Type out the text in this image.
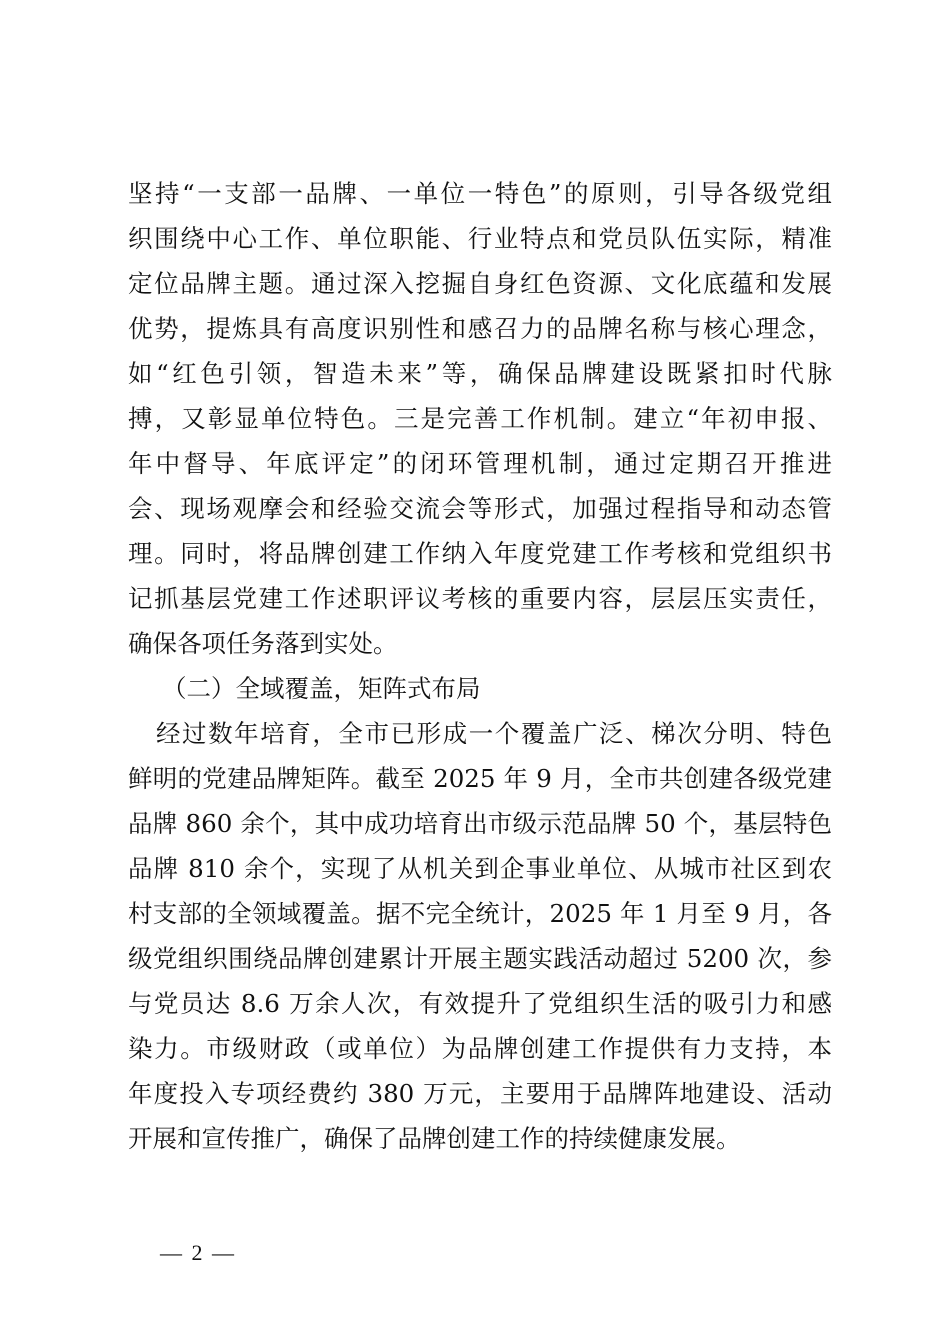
坚持“一支部一品牌、一单位一特色”的原则，引导各级党组
织围绕中心工作、单位职能、行业特点和党员队伍实际，精准
定位品牌主题。通过深入挖掘自身红色资源、文化底蕴和发展
优势，提炼具有高度识别性和感召力的品牌名称与核心理念，
如“红色引领，智造未来”等，确保品牌建设既紧扣时代脉
搏，又彰显单位特色。三是完善工作机制。建立“年初申报、
年中督导、年底评定”的闭环管理机制，通过定期召开推进
会、现场观摩会和经验交流会等形式，加强过程指导和动态管
理。同时，将品牌创建工作纳入年度党建工作考核和党组织书
记抓基层党建工作述职评议考核的重要内容，层层压实责任，
确保各项任务落到实处。
（二）全域覆盖，矩阵式布局
经过数年培育，全市已形成一个覆盖广泛、梯次分明、特色
鲜明的党建品牌矩阵。截至 2025 年 9 月，全市共创建各级党建
品牌 860 余个，其中成功培育出市级示范品牌 50 个，基层特色
品牌 810 余个，实现了从机关到企事业单位、从城市社区到农
村支部的全领域覆盖。据不完全统计，2025 年 1 月至 9 月，各
级党组织围绕品牌创建累计开展主题实践活动超过 5200 次，参
与党员达 8.6 万余人次，有效提升了党组织生活的吸引力和感
染力。市级财政（或单位）为品牌创建工作提供有力支持，本
年度投入专项经费约 380 万元，主要用于品牌阵地建设、活动
开展和宣传推广，确保了品牌创建工作的持续健康发展。
— 2 —
